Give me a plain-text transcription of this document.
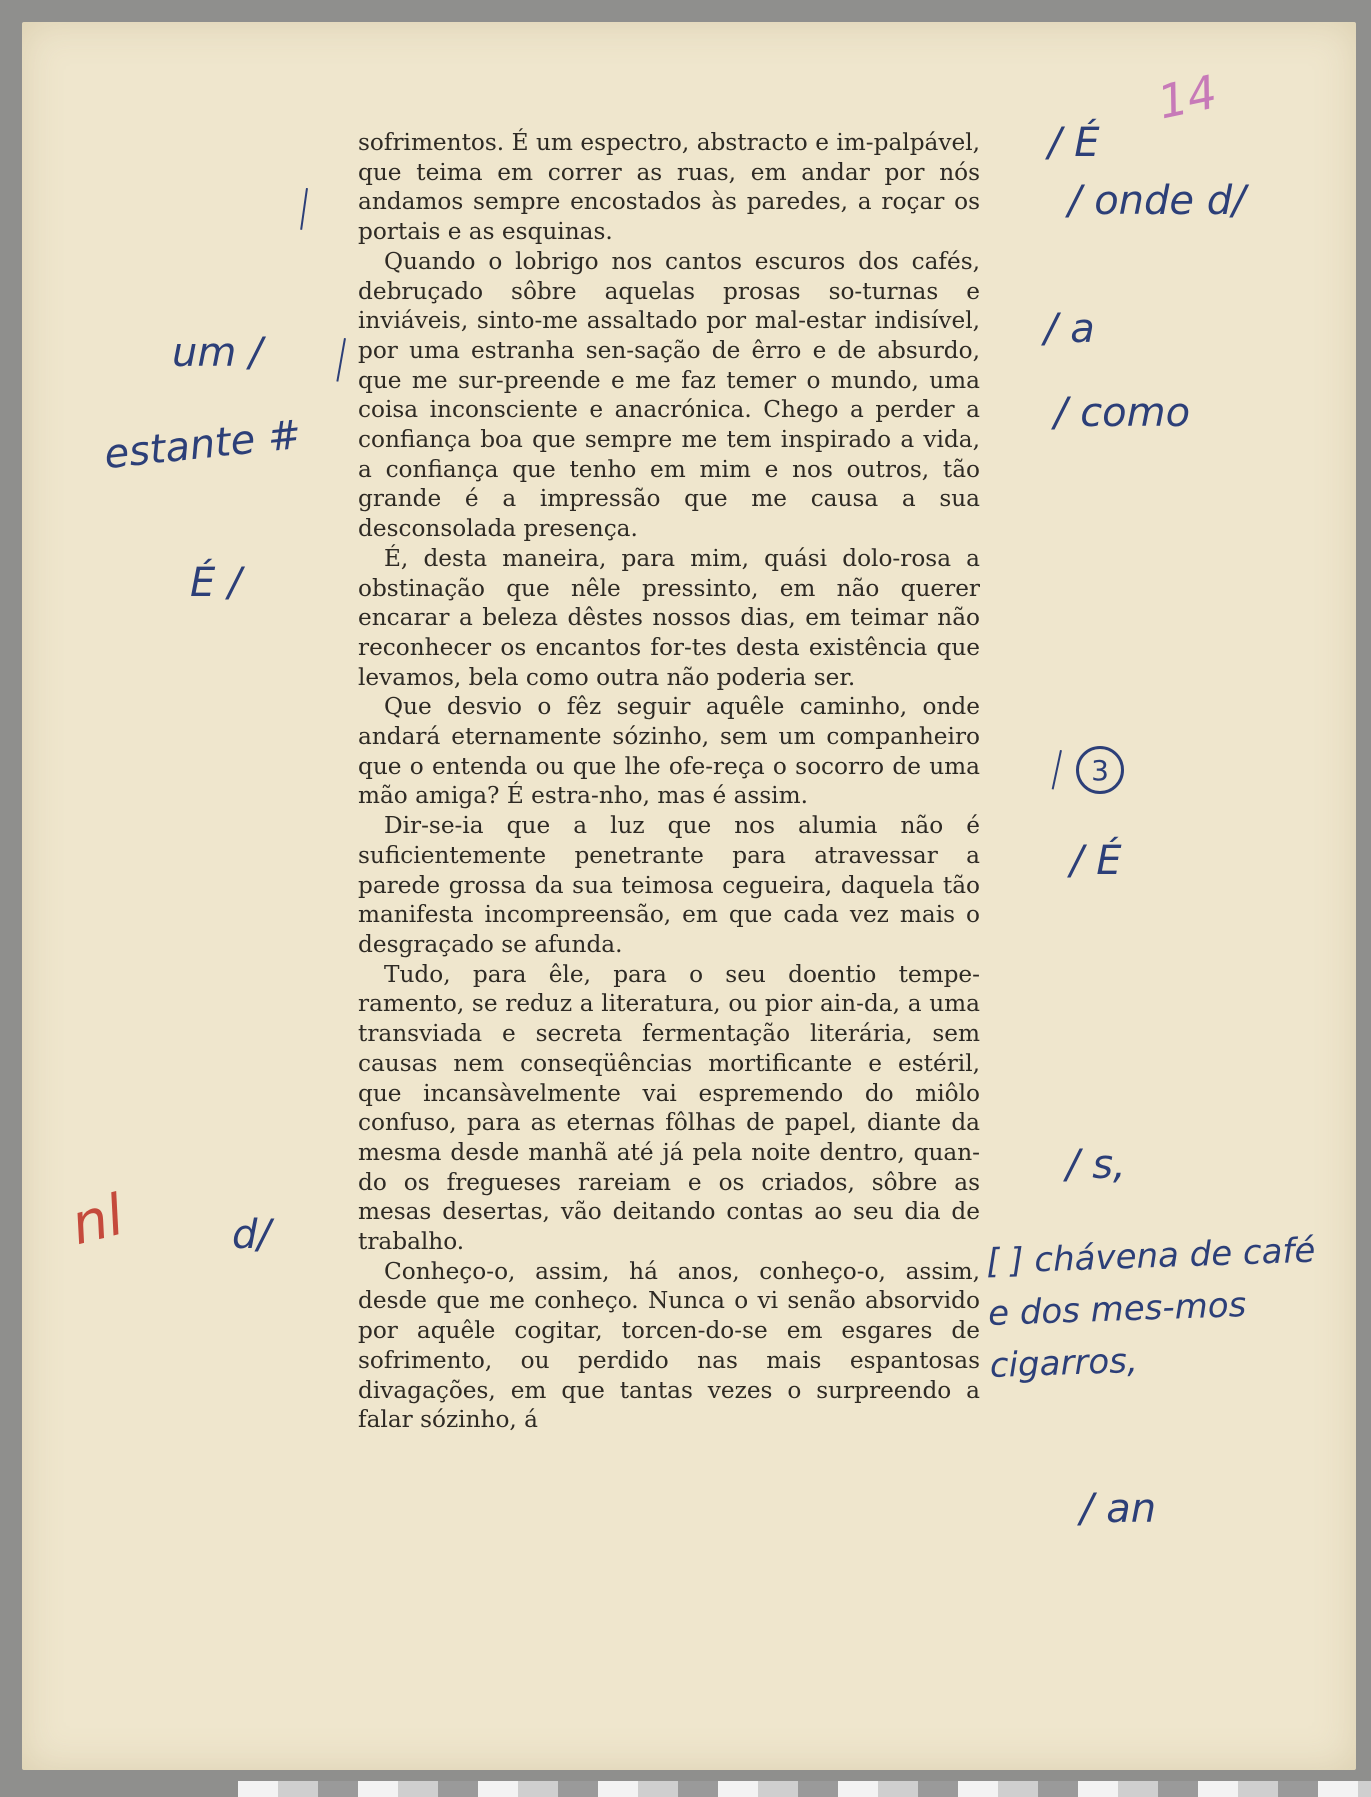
14

sofrimentos. É um espectro, abstracto e im-palpável, que teima em correr as ruas, em andar por nós andamos sempre encostados às paredes, a roçar os portais e as esquinas.

Quando o lobrigo nos cantos escuros dos cafés, debruçado sôbre aquelas prosas so-turnas e inviáveis, sinto-me assaltado por mal-estar indisível, por uma estranha sen-sação de êrro e de absurdo, que me sur-preende e me faz temer o mundo, uma coisa inconsciente e anacrónica. Chego a perder a confiança boa que sempre me tem inspirado a vida, a confiança que tenho em mim e nos outros, tão grande é a impressão que me causa a sua desconsolada presença.

É, desta maneira, para mim, quási dolo-rosa a obstinação que nêle pressinto, em não querer encarar a beleza dêstes nossos dias, em teimar não reconhecer os encantos for-tes desta existência que levamos, bela como outra não poderia ser.

Que desvio o fêz seguir aquêle caminho, onde andará eternamente sózinho, sem um companheiro que o entenda ou que lhe ofe-reça o socorro de uma mão amiga? É estra-nho, mas é assim.

Dir-se-ia que a luz que nos alumia não é suficientemente penetrante para atravessar a parede grossa da sua teimosa cegueira, daquela tão manifesta incompreensão, em que cada vez mais o desgraçado se afunda.

Tudo, para êle, para o seu doentio tempe-ramento, se reduz a literatura, ou pior ain-da, a uma transviada e secreta fermentação literária, sem causas nem conseqüências mortificante e estéril, que incansàvelmente vai espremendo do miôlo confuso, para as eternas fôlhas de papel, diante da mesma desde manhã até já pela noite dentro, quan-do os fregueses rareiam e os criados, sôbre as mesas desertas, vão deitando contas ao seu dia de trabalho.

Conheço-o, assim, há anos, conheço-o, assim, desde que me conheço. Nunca o vi senão absorvido por aquêle cogitar, torcen-do-se em esgares de sofrimento, ou perdido nas mais espantosas divagações, em que tantas vezes o surpreendo a falar sózinho, á

um /
estante #
É /
nl	d/
/ É
/ onde d/
/ a
/ como
3
/ É
/ s,
[ ] chávena de café e dos mes-mos cigarros,
/ an
